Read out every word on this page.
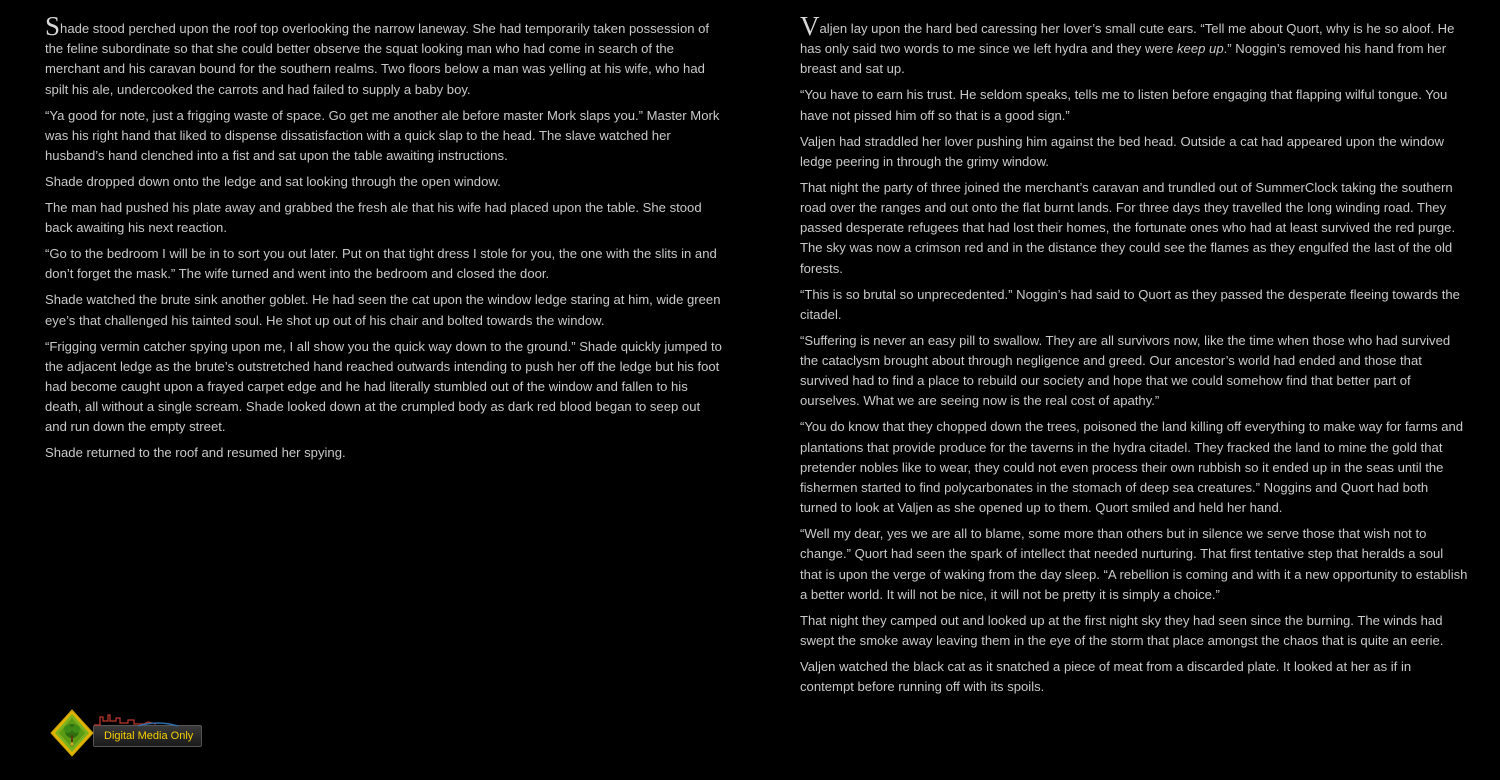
Shade stood perched upon the roof top overlooking the narrow laneway. She had temporarily taken possession of the feline subordinate so that she could better observe the squat looking man who had come in search of the merchant and his caravan bound for the southern realms. Two floors below a man was yelling at his wife, who had spilt his ale, undercooked the carrots and had failed to supply a baby boy.

“Ya good for note, just a frigging waste of space. Go get me another ale before master Mork slaps you.” Master Mork was his right hand that liked to dispense dissatisfaction with a quick slap to the head. The slave watched her husband’s hand clenched into a fist and sat upon the table awaiting instructions.

Shade dropped down onto the ledge and sat looking through the open window.

The man had pushed his plate away and grabbed the fresh ale that his wife had placed upon the table. She stood back awaiting his next reaction.

“Go to the bedroom I will be in to sort you out later. Put on that tight dress I stole for you, the one with the slits in and don’t forget the mask.” The wife turned and went into the bedroom and closed the door.

Shade watched the brute sink another goblet. He had seen the cat upon the window ledge staring at him, wide green eye’s that challenged his tainted soul. He shot up out of his chair and bolted towards the window.

“Frigging vermin catcher spying upon me, I all show you the quick way down to the ground.” Shade quickly jumped to the adjacent ledge as the brute’s outstretched hand reached outwards intending to push her off the ledge but his foot had become caught upon a frayed carpet edge and he had literally stumbled out of the window and fallen to his death, all without a single scream. Shade looked down at the crumpled body as dark red blood began to seep out and run down the empty street.

Shade returned to the roof and resumed her spying.

Valjen lay upon the hard bed caressing her lover’s small cute ears. “Tell me about Quort, why is he so aloof. He has only said two words to me since we left hydra and they were keep up.” Noggin’s removed his hand from her breast and sat up.

“You have to earn his trust. He seldom speaks, tells me to listen before engaging that flapping wilful tongue. You have not pissed him off so that is a good sign.”

Valjen had straddled her lover pushing him against the bed head. Outside a cat had appeared upon the window ledge peering in through the grimy window.

That night the party of three joined the merchant’s caravan and trundled out of SummerClock taking the southern road over the ranges and out onto the flat burnt lands. For three days they travelled the long winding road. They passed desperate refugees that had lost their homes, the fortunate ones who had at least survived the red purge. The sky was now a crimson red and in the distance they could see the flames as they engulfed the last of the old forests.

“This is so brutal so unprecedented.” Noggin’s had said to Quort as they passed the desperate fleeing towards the citadel.

“Suffering is never an easy pill to swallow. They are all survivors now, like the time when those who had survived the cataclysm brought about through negligence and greed. Our ancestor’s world had ended and those that survived had to find a place to rebuild our society and hope that we could somehow find that better part of ourselves. What we are seeing now is the real cost of apathy.”

“You do know that they chopped down the trees, poisoned the land killing off everything to make way for farms and plantations that provide produce for the taverns in the hydra citadel. They fracked the land to mine the gold that pretender nobles like to wear, they could not even process their own rubbish so it ended up in the seas until the fishermen started to find polycarbonates in the stomach of deep sea creatures.” Noggins and Quort had both turned to look at Valjen as she opened up to them. Quort smiled and held her hand.

“Well my dear, yes we are all to blame, some more than others but in silence we serve those that wish not to change.” Quort had seen the spark of intellect that needed nurturing. That first tentative step that heralds a soul that is upon the verge of waking from the day sleep. “A rebellion is coming and with it a new opportunity to establish a better world. It will not be nice, it will not be pretty it is simply a choice.”

That night they camped out and looked up at the first night sky they had seen since the burning. The winds had swept the smoke away leaving them in the eye of the storm that place amongst the chaos that is quite an eerie.

Valjen watched the black cat as it snatched a piece of meat from a discarded plate. It looked at her as if in contempt before running off with its spoils.

Digital Media Only
